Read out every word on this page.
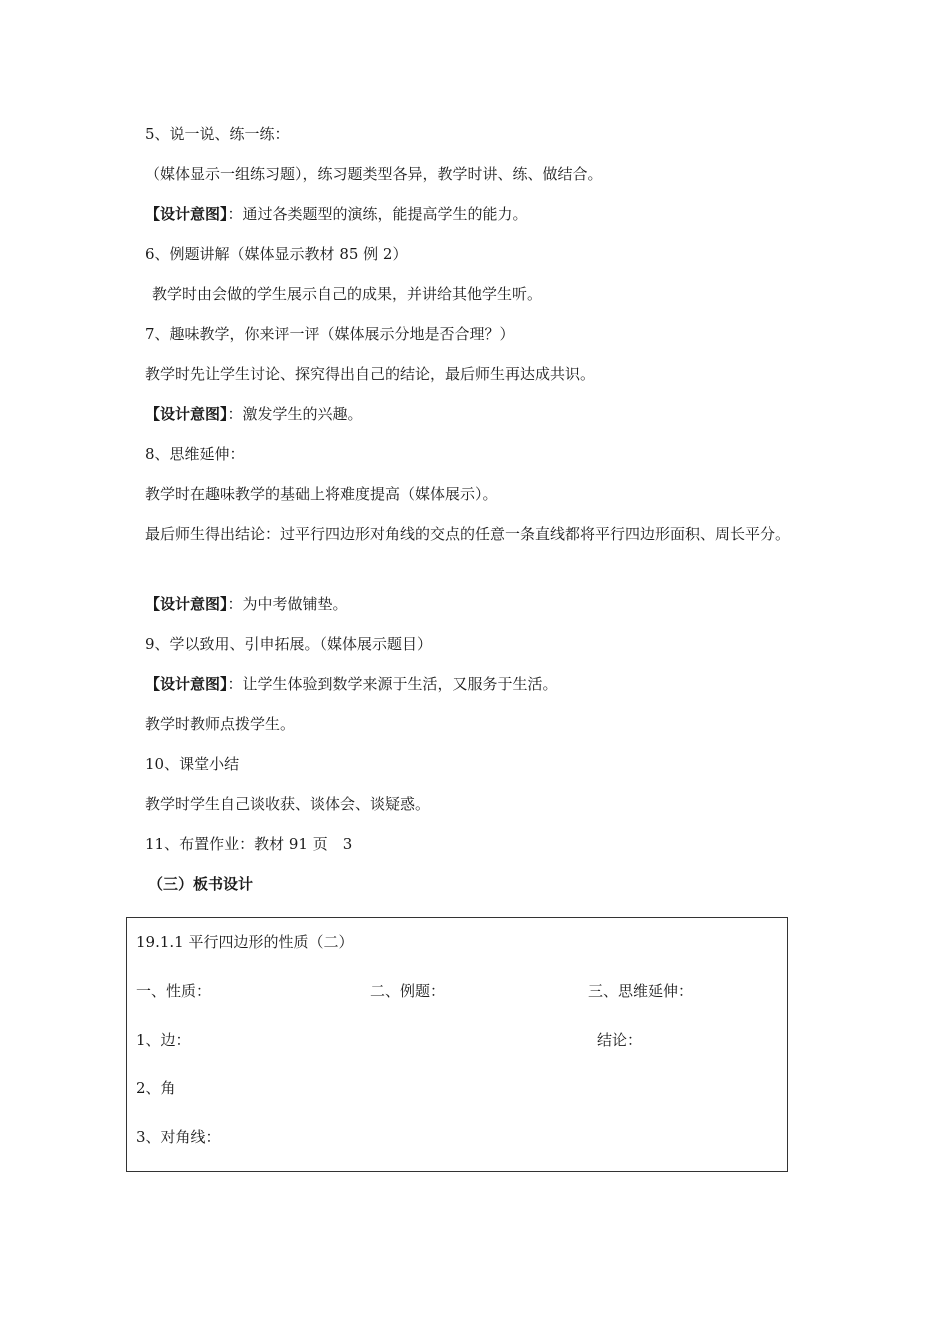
5、说一说、练一练：
（媒体显示一组练习题），练习题类型各异，教学时讲、练、做结合。
【设计意图】：通过各类题型的演练，能提高学生的能力。
6、例题讲解（媒体显示教材 85 例 2）
教学时由会做的学生展示自己的成果，并讲给其他学生听。
7、趣味教学，你来评一评（媒体展示分地是否合理？）
教学时先让学生讨论、探究得出自己的结论，最后师生再达成共识。
【设计意图】：激发学生的兴趣。
8、思维延伸：
教学时在趣味教学的基础上将难度提高（媒体展示）。
最后师生得出结论：过平行四边形对角线的交点的任意一条直线都将平行四边形面积、周长平分。
【设计意图】：为中考做铺垫。
9、学以致用、引申拓展。（媒体展示题目）
【设计意图】：让学生体验到数学来源于生活，又服务于生活。
教学时教师点拨学生。
10、课堂小结
教学时学生自己谈收获、谈体会、谈疑惑。
11、布置作业：教材 91 页　3
（三）板书设计
19.1.1 平行四边形的性质（二）
一、性质：	二、例题：	三、思维延伸：
1、边：	结论：
2、角
3、对角线：
